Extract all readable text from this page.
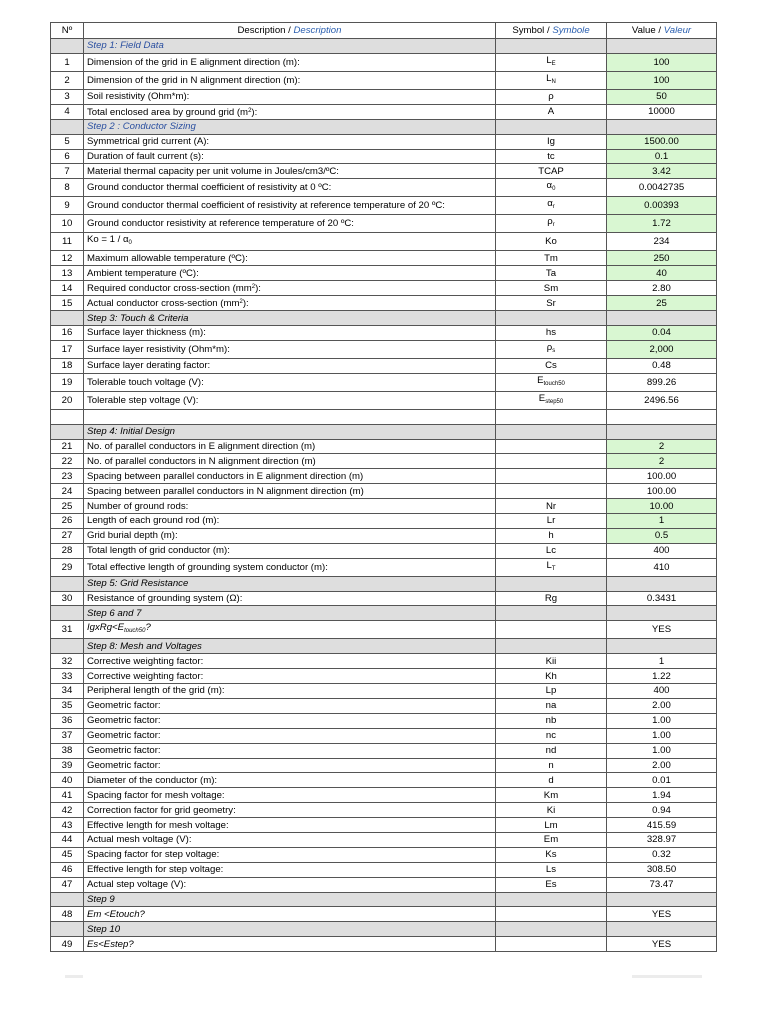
Nº	Description / Description	Symbol / Symbole	Value / Valeur
	Step 1: Field Data		
1	Dimension of the grid in E alignment direction (m):	$L_E$	100
2	Dimension of the grid in N alignment direction (m):	$L_N$	100
3	Soil resistivity (Ohm*m):	ρ	50
4	Total enclosed area by ground grid $(m^2)$:	A	10000
	Step 2 : Conductor Sizing		
5	Symmetrical grid current (A):	Ig	1500.00
6	Duration of fault current (s):	tc	0.1
7	Material thermal capacity per unit volume in Joules/cm3/ºC:	TCAP	3.42
8	Ground conductor thermal coefficient of resistivity at 0 ºC:	$\alpha_0$	0.0042735
9	Ground conductor thermal coefficient of resistivity at reference temperature of 20 ºC:	$\alpha_r$	0.00393
10	Ground conductor resistivity at reference temperature of 20 ºC:	$\rho_r$	1.72
11	$Ko = 1 / \alpha_0$	Ko	234
12	Maximum allowable temperature (ºC):	Tm	250
13	Ambient temperature (ºC):	Ta	40
14	Required conductor cross-section $(mm^2)$:	Sm	2.80
15	Actual conductor cross-section $(mm^2)$:	Sr	25
	Step 3: Touch & Criteria		
16	Surface layer thickness (m):	hs	0.04
17	Surface layer resistivity (Ohm*m):	$\rho_s$	2,000
18	Surface layer derating factor:	Cs	0.48
19	Tolerable touch voltage (V):	$E_{touch50}$	899.26
20	Tolerable step voltage (V):	$E_{step50}$	2496.56

	Step 4: Initial Design		
21	No. of parallel conductors in E alignment direction (m)		2
22	No. of parallel conductors in N alignment direction (m)		2
23	Spacing between parallel conductors in E alignment direction (m)		100.00
24	Spacing between parallel conductors in N alignment direction (m)		100.00
25	Number of ground rods:	Nr	10.00
26	Length of each ground rod (m):	Lr	1
27	Grid burial depth (m):	h	0.5
28	Total length of grid conductor (m):	Lc	400
29	Total effective length of grounding system conductor (m):	$L_T$	410
	Step 5: Grid Resistance		
30	Resistance of grounding system (Ω):	Rg	0.3431
	Step 6 and 7		
31	$IgxRg<E_{touch50}$?		YES
	Step 8: Mesh and Voltages		
32	Corrective weighting factor:	Kii	1
33	Corrective weighting factor:	Kh	1.22
34	Peripheral length of the grid (m):	Lp	400
35	Geometric factor:	na	2.00
36	Geometric factor:	nb	1.00
37	Geometric factor:	nc	1.00
38	Geometric factor:	nd	1.00
39	Geometric factor:	n	2.00
40	Diameter of the conductor (m):	d	0.01
41	Spacing factor for mesh voltage:	Km	1.94
42	Correction factor for grid geometry:	Ki	0.94
43	Effective length for mesh voltage:	Lm	415.59
44	Actual mesh voltage (V):	Em	328.97
45	Spacing factor for step voltage:	Ks	0.32
46	Effective length for step voltage:	Ls	308.50
47	Actual step voltage (V):	Es	73.47
	Step 9		
48	Em <Etouch?		YES
	Step 10		
49	Es<Estep?		YES
